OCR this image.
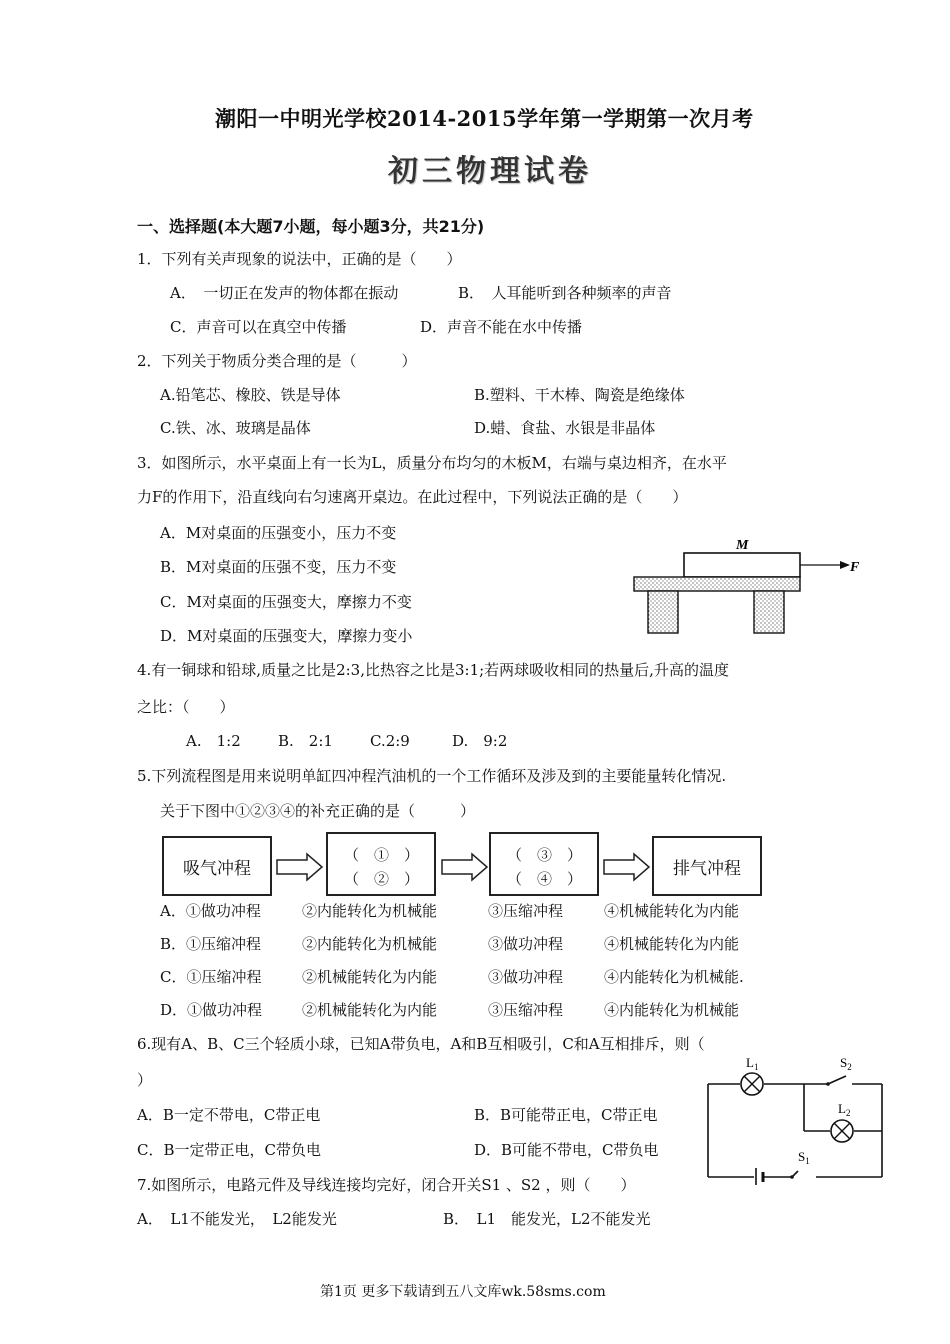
潮阳一中明光学校2014-2015学年第一学期第一次月考
初三物理试卷
一、选择题(本大题7小题，每小题3分，共21分)
1．下列有关声现象的说法中，正确的是（　　）
A．　一切正在发声的物体都在振动	B．　人耳能听到各种频率的声音
C．声音可以在真空中传播	D．声音不能在水中传播
2．下列关于物质分类合理的是（　　　）
A.铅笔芯、橡胶、铁是导体	B.塑料、干木棒、陶瓷是绝缘体
C.铁、冰、玻璃是晶体	D.蜡、食盐、水银是非晶体
3．如图所示，水平桌面上有一长为L，质量分布均匀的木板M，右端与桌边相齐，在水平
力F的作用下，沿直线向右匀速离开桌边。在此过程中，下列说法正确的是（　　）
A．M对桌面的压强变小，压力不变
B．M对桌面的压强不变，压力不变
C．M对桌面的压强变大，摩擦力不变
D．M对桌面的压强变大，摩擦力变小
M
F
4.有一铜球和铅球,质量之比是2:3,比热容之比是3:1;若两球吸收相同的热量后,升高的温度
之比：（　　）
A.　1:2 B.　2:1 C.2:9	D.　9:2
5.下列流程图是用来说明单缸四冲程汽油机的一个工作循环及涉及到的主要能量转化情况.
关于下图中①②③④的补充正确的是（　　　）
吸气冲程
（　①　）
（　②　）
（　③　）
（　④　）
排气冲程
A．①做功冲程	②内能转化为机械能	③压缩冲程	④机械能转化为内能
B．①压缩冲程	②内能转化为机械能	③做功冲程	④机械能转化为内能
C．①压缩冲程	②机械能转化为内能	③做功冲程	④内能转化为机械能.
D．①做功冲程	②机械能转化为内能	③压缩冲程	④内能转化为机械能
6.现有A、B、C三个轻质小球，已知A带负电，A和B互相吸引，C和A互相排斥，则（
）
A．B一定不带电，C带正电	B．B可能带正电，C带正电
C．B一定带正电，C带负电	D．B可能不带电，C带负电
7.如图所示，电路元件及导线连接均完好，闭合开关S1 、S2 ，则（　　）
A．　L1不能发光，　L2能发光	B．　L1　能发光，L2不能发光
$L_1$	$S_2$
$L_2$
$S_1$
第1页 更多下载请到五八文库wk.58sms.com
